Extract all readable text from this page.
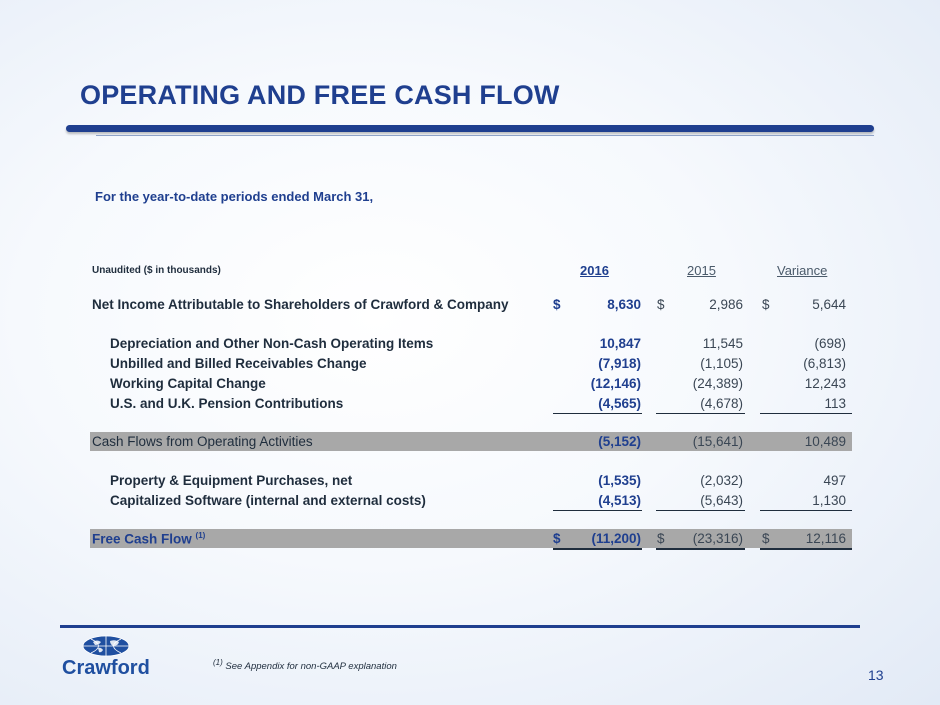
OPERATING AND FREE CASH FLOW
For the year-to-date periods ended March 31,
Unaudited ($ in thousands)	2016	2015	Variance
Net Income Attributable to Shareholders of Crawford & Company	$	8,630 $	2,986 $	5,644
Depreciation and Other Non-Cash Operating Items	10,847	11,545	(698)
Unbilled and Billed Receivables Change	(7,918)	(1,105)	(6,813)
Working Capital Change	(12,146)	(24,389)	12,243
U.S. and U.K. Pension Contributions	(4,565)	(4,678)	113
Cash Flows from Operating Activities	(5,152)	(15,641)	10,489
Property & Equipment Purchases, net	(1,535)	(2,032)	497
Capitalized Software (internal and external costs)	(4,513)	(5,643)	1,130
Free Cash Flow $^{(1)}$	$	(11,200) $	(23,316) $	12,116
Crawford	$^{(1)}$ See Appendix for non-GAAP explanation
13
